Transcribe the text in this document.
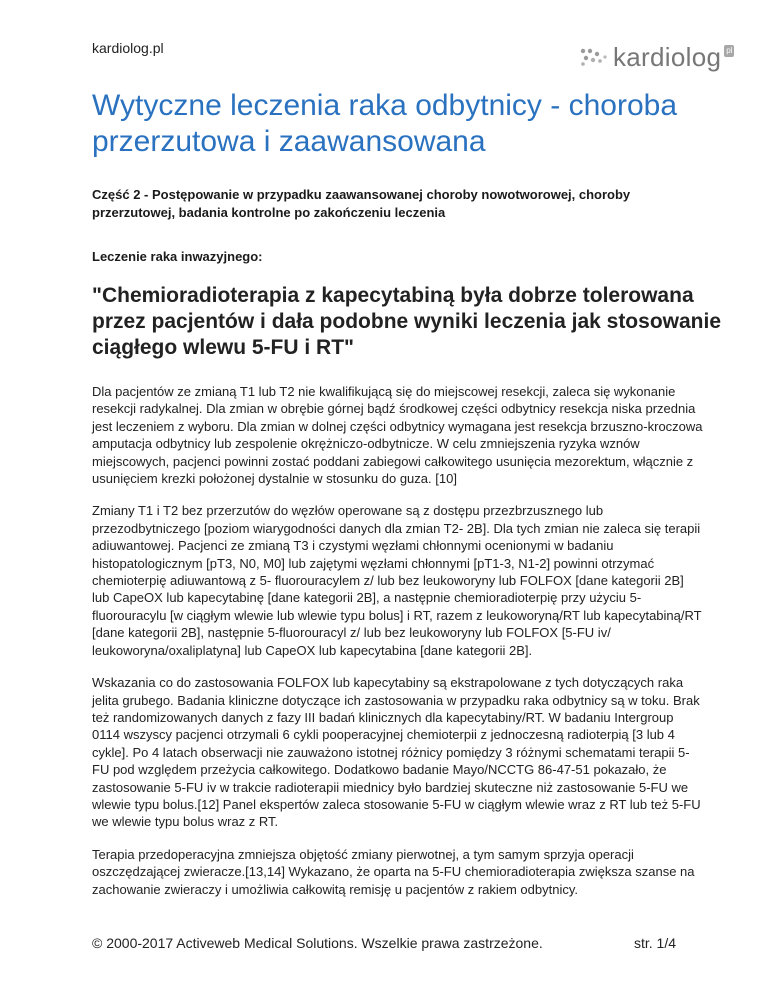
kardiolog.pl	kardiolog pl
Wytyczne leczenia raka odbytnicy - choroba przerzutowa i zaawansowana
Część 2 - Postępowanie w przypadku zaawansowanej choroby nowotworowej, choroby przerzutowej, badania kontrolne po zakończeniu leczenia
Leczenie raka inwazyjnego:
"Chemioradioterapia z kapecytabiną była dobrze tolerowana przez pacjentów i dała podobne wyniki leczenia jak stosowanie ciągłego wlewu 5-FU i RT"

Dla pacjentów ze zmianą T1 lub T2 nie kwalifikującą się do miejscowej resekcji, zaleca się wykonanie resekcji radykalnej. Dla zmian w obrębie górnej bądź środkowej części odbytnicy resekcja niska przednia jest leczeniem z wyboru. Dla zmian w dolnej części odbytnicy wymagana jest resekcja brzuszno-kroczowa amputacja odbytnicy lub zespolenie okrężniczo-odbytnicze. W celu zmniejszenia ryzyka wznów miejscowych, pacjenci powinni zostać poddani zabiegowi całkowitego usunięcia mezorektum, włącznie z usunięciem krezki położonej dystalnie w stosunku do guza. [10]

Zmiany T1 i T2 bez przerzutów do węzłów operowane są z dostępu przezbrzusznego lub przezodbytniczego [poziom wiarygodności danych dla zmian T2- 2B]. Dla tych zmian nie zaleca się terapii adiuwantowej. Pacjenci ze zmianą T3 i czystymi węzłami chłonnymi ocenionymi w badaniu histopatologicznym [pT3, N0, M0] lub zajętymi węzłami chłonnymi [pT1-3, N1-2] powinni otrzymać chemioterpię adiuwantową z 5- fluorouracylem z/ lub bez leukoworyny lub FOLFOX [dane kategorii 2B] lub CapeOX lub kapecytabinę [dane kategorii 2B], a następnie chemioradioterpię przy użyciu 5-fluorouracylu [w ciągłym wlewie lub wlewie typu bolus] i RT, razem z leukoworyną/RT lub kapecytabiną/RT [dane kategorii 2B], następnie 5-fluorouracyl z/ lub bez leukoworyny lub FOLFOX [5-FU iv/ leukoworyna/oxaliplatyna] lub CapeOX lub kapecytabina [dane kategorii 2B].

Wskazania co do zastosowania FOLFOX lub kapecytabiny są ekstrapolowane z tych dotyczących raka jelita grubego. Badania kliniczne dotyczące ich zastosowania w przypadku raka odbytnicy są w toku. Brak też randomizowanych danych z fazy III badań klinicznych dla kapecytabiny/RT. W badaniu Intergroup 0114 wszyscy pacjenci otrzymali 6 cykli pooperacyjnej chemioterpii z jednoczesną radioterpią [3 lub 4 cykle]. Po 4 latach obserwacji nie zauważono istotnej różnicy pomiędzy 3 różnymi schematami terapii 5-FU pod względem przeżycia całkowitego. Dodatkowo badanie Mayo/NCCTG 86-47-51 pokazało, że zastosowanie 5-FU iv w trakcie radioterapii miednicy było bardziej skuteczne niż zastosowanie 5-FU we wlewie typu bolus.[12] Panel ekspertów zaleca stosowanie 5-FU w ciągłym wlewie wraz z RT lub też 5-FU we wlewie typu bolus wraz z RT.

Terapia przedoperacyjna zmniejsza objętość zmiany pierwotnej, a tym samym sprzyja operacji oszczędzającej zwieracze.[13,14] Wykazano, że oparta na 5-FU chemioradioterapia zwiększa szanse na zachowanie zwieraczy i umożliwia całkowitą remisję u pacjentów z rakiem odbytnicy.

© 2000-2017 Activeweb Medical Solutions. Wszelkie prawa zastrzeżone.	str. 1/4
